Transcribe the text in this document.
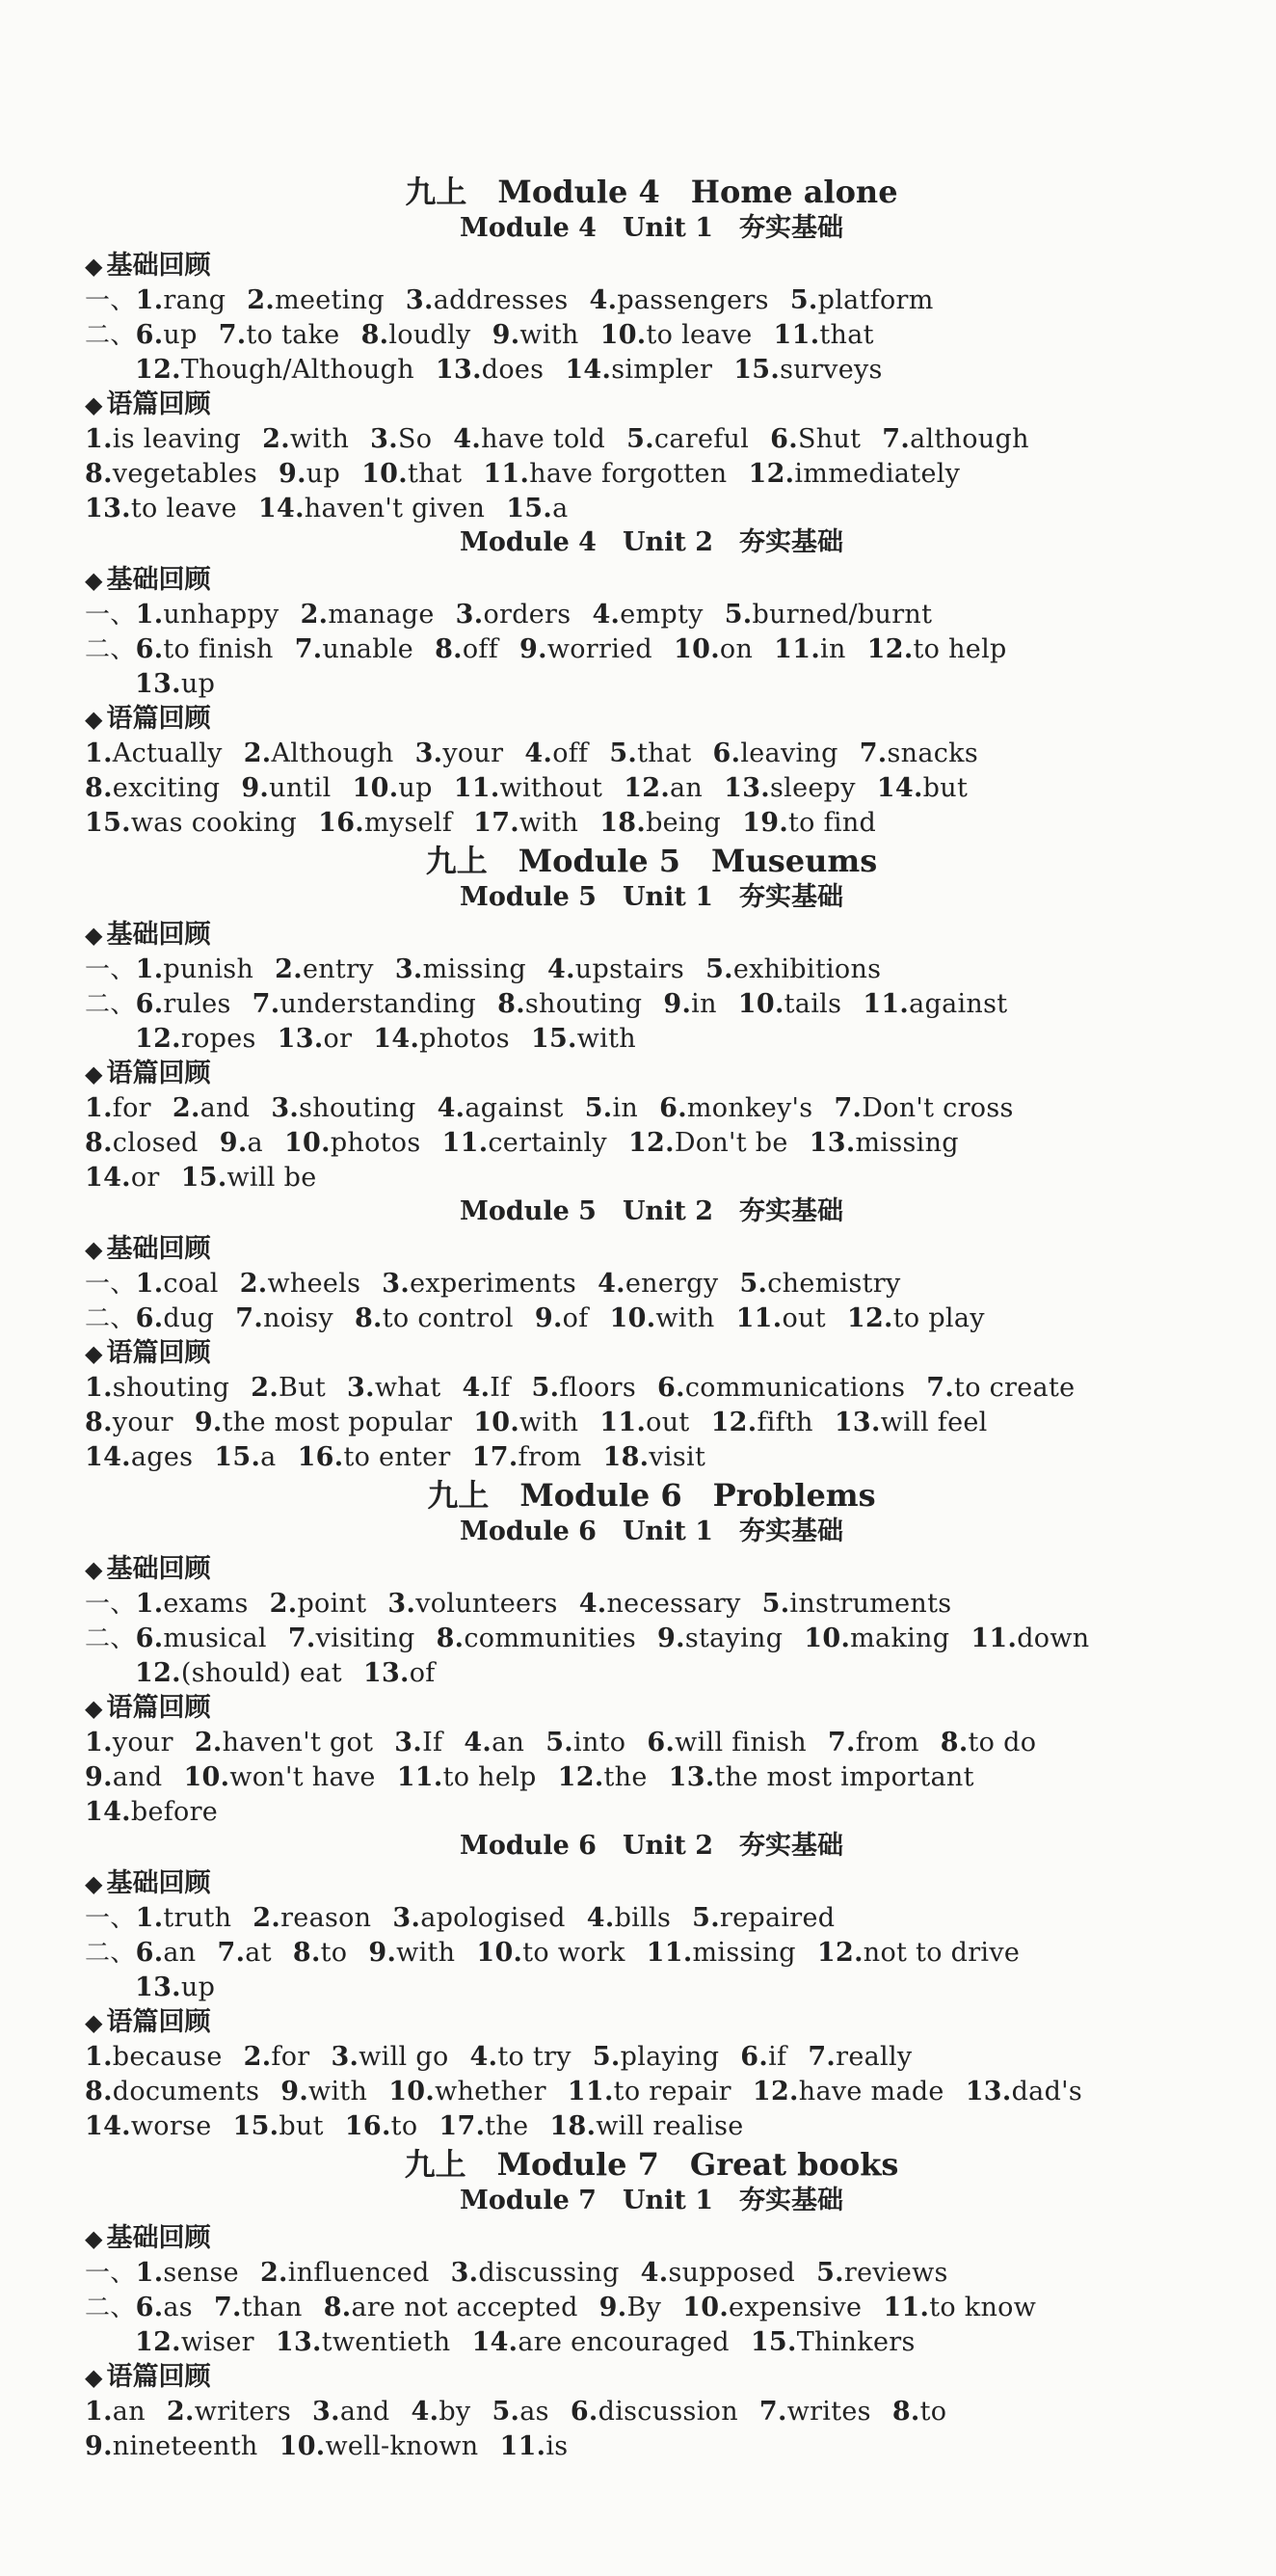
九上　Module 4　Home alone
Module 4　Unit 1　夯实基础
◆ 基础回顾
一、1.rang 2.meeting 3.addresses 4.passengers 5.platform
二、6.up 7.to take 8.loudly 9.with 10.to leave 11.that
12.Though/Although 13.does 14.simpler 15.surveys
◆ 语篇回顾
1.is leaving 2.with 3.So 4.have told 5.careful 6.Shut 7.although
8.vegetables 9.up 10.that 11.have forgotten 12.immediately
13.to leave 14.haven't given 15.a
Module 4　Unit 2　夯实基础
◆ 基础回顾
一、1.unhappy 2.manage 3.orders 4.empty 5.burned/burnt
二、6.to finish 7.unable 8.off 9.worried 10.on 11.in 12.to help
13.up
◆ 语篇回顾
1.Actually 2.Although 3.your 4.off 5.that 6.leaving 7.snacks
8.exciting 9.until 10.up 11.without 12.an 13.sleepy 14.but
15.was cooking 16.myself 17.with 18.being 19.to find
九上　Module 5　Museums
Module 5　Unit 1　夯实基础
◆ 基础回顾
一、1.punish 2.entry 3.missing 4.upstairs 5.exhibitions
二、6.rules 7.understanding 8.shouting 9.in 10.tails 11.against
12.ropes 13.or 14.photos 15.with
◆ 语篇回顾
1.for 2.and 3.shouting 4.against 5.in 6.monkey's 7.Don't cross
8.closed 9.a 10.photos 11.certainly 12.Don't be 13.missing
14.or 15.will be
Module 5　Unit 2　夯实基础
◆ 基础回顾
一、1.coal 2.wheels 3.experiments 4.energy 5.chemistry
二、6.dug 7.noisy 8.to control 9.of 10.with 11.out 12.to play
◆ 语篇回顾
1.shouting 2.But 3.what 4.If 5.floors 6.communications 7.to create
8.your 9.the most popular 10.with 11.out 12.fifth 13.will feel
14.ages 15.a 16.to enter 17.from 18.visit
九上　Module 6　Problems
Module 6　Unit 1　夯实基础
◆ 基础回顾
一、1.exams 2.point 3.volunteers 4.necessary 5.instruments
二、6.musical 7.visiting 8.communities 9.staying 10.making 11.down
12.(should) eat 13.of
◆ 语篇回顾
1.your 2.haven't got 3.If 4.an 5.into 6.will finish 7.from 8.to do
9.and 10.won't have 11.to help 12.the 13.the most important
14.before
Module 6　Unit 2　夯实基础
◆ 基础回顾
一、1.truth 2.reason 3.apologised 4.bills 5.repaired
二、6.an 7.at 8.to 9.with 10.to work 11.missing 12.not to drive
13.up
◆ 语篇回顾
1.because 2.for 3.will go 4.to try 5.playing 6.if 7.really
8.documents 9.with 10.whether 11.to repair 12.have made 13.dad's
14.worse 15.but 16.to 17.the 18.will realise
九上　Module 7　Great books
Module 7　Unit 1　夯实基础
◆ 基础回顾
一、1.sense 2.influenced 3.discussing 4.supposed 5.reviews
二、6.as 7.than 8.are not accepted 9.By 10.expensive 11.to know
12.wiser 13.twentieth 14.are encouraged 15.Thinkers
◆ 语篇回顾
1.an 2.writers 3.and 4.by 5.as 6.discussion 7.writes 8.to
9.nineteenth 10.well-known 11.is
